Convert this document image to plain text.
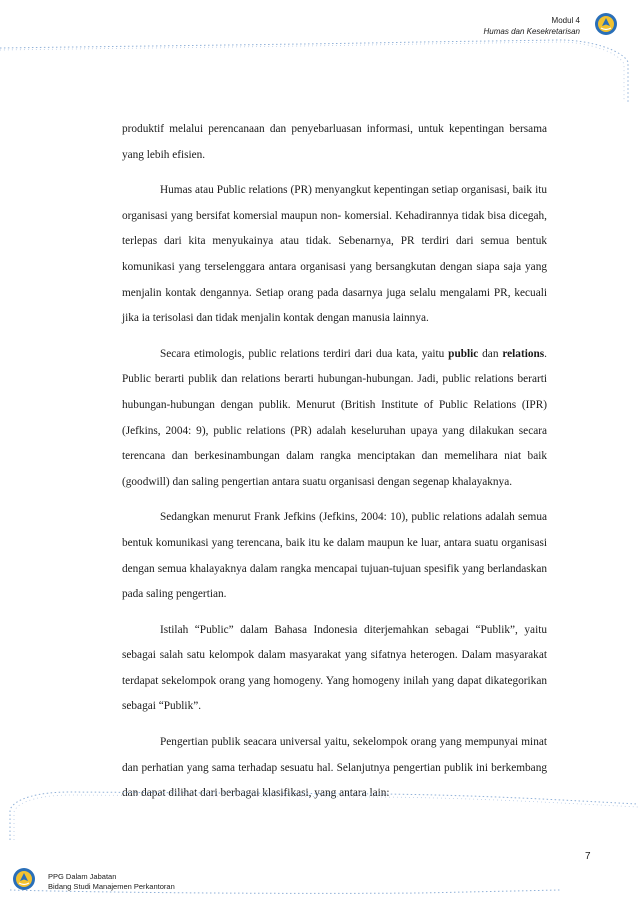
Modul 4
Humas dan Kesekretarisan

produktif melalui perencanaan dan penyebarluasan informasi, untuk kepentingan bersama yang lebih efisien.

Humas atau Public relations (PR) menyangkut kepentingan setiap organisasi, baik itu organisasi yang bersifat komersial maupun non- komersial. Kehadirannya tidak bisa dicegah, terlepas dari kita menyukainya atau tidak. Sebenarnya, PR terdiri dari semua bentuk komunikasi yang terselenggara antara organisasi yang bersangkutan dengan siapa saja yang menjalin kontak dengannya. Setiap orang pada dasarnya juga selalu mengalami PR, kecuali jika ia terisolasi dan tidak menjalin kontak dengan manusia lainnya.

Secara etimologis, public relations terdiri dari dua kata, yaitu public dan relations. Public berarti publik dan relations berarti hubungan-hubungan. Jadi, public relations berarti hubungan-hubungan dengan publik. Menurut (British Institute of Public Relations (IPR) (Jefkins, 2004: 9), public relations (PR) adalah keseluruhan upaya yang dilakukan secara terencana dan berkesinambungan dalam rangka menciptakan dan memelihara niat baik (goodwill) dan saling pengertian antara suatu organisasi dengan segenap khalayaknya.

Sedangkan menurut Frank Jefkins (Jefkins, 2004: 10), public relations adalah semua bentuk komunikasi yang terencana, baik itu ke dalam maupun ke luar, antara suatu organisasi dengan semua khalayaknya dalam rangka mencapai tujuan-tujuan spesifik yang berlandaskan pada saling pengertian.

Istilah “Public” dalam Bahasa Indonesia diterjemahkan sebagai “Publik”, yaitu sebagai salah satu kelompok dalam masyarakat yang sifatnya heterogen. Dalam masyarakat terdapat sekelompok orang yang homogeny. Yang homogeny inilah yang dapat dikategorikan sebagai “Publik”.

Pengertian publik seacara universal yaitu, sekelompok orang yang mempunyai minat dan perhatian yang sama terhadap sesuatu hal. Selanjutnya pengertian publik ini berkembang dan dapat dilihat dari berbagai klasifikasi, yang antara lain:

7
PPG Dalam Jabatan
Bidang Studi Manajemen Perkantoran
